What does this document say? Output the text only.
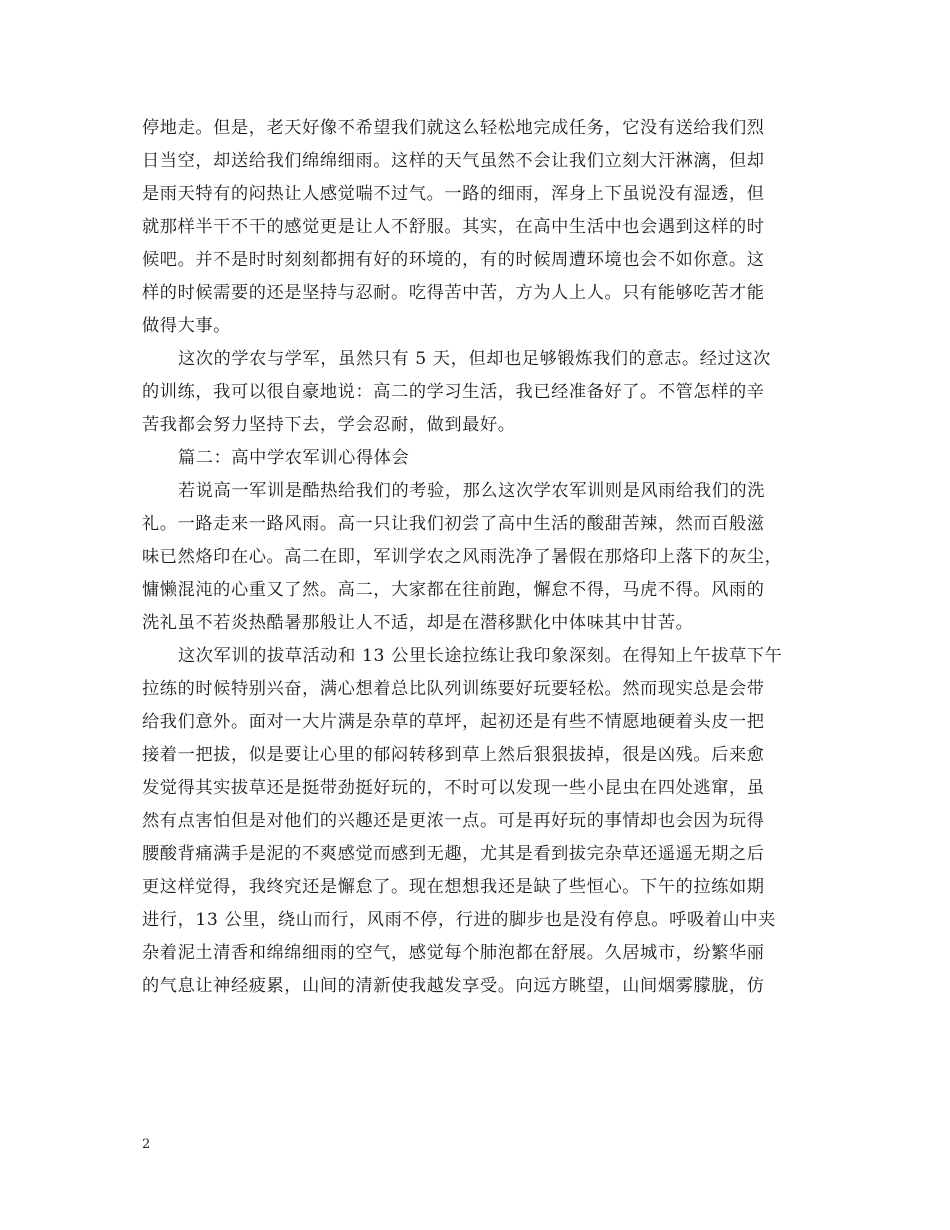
停地走。但是，老天好像不希望我们就这么轻松地完成任务，它没有送给我们烈
日当空，却送给我们绵绵细雨。这样的天气虽然不会让我们立刻大汗淋漓，但却
是雨天特有的闷热让人感觉喘不过气。一路的细雨，浑身上下虽说没有湿透，但
就那样半干不干的感觉更是让人不舒服。其实，在高中生活中也会遇到这样的时
候吧。并不是时时刻刻都拥有好的环境的，有的时候周遭环境也会不如你意。这
样的时候需要的还是坚持与忍耐。吃得苦中苦，方为人上人。只有能够吃苦才能
做得大事。
这次的学农与学军，虽然只有 5 天，但却也足够锻炼我们的意志。经过这次
的训练，我可以很自豪地说：高二的学习生活，我已经准备好了。不管怎样的辛
苦我都会努力坚持下去，学会忍耐，做到最好。
篇二：高中学农军训心得体会
若说高一军训是酷热给我们的考验，那么这次学农军训则是风雨给我们的洗
礼。一路走来一路风雨。高一只让我们初尝了高中生活的酸甜苦辣，然而百般滋
味已然烙印在心。高二在即，军训学农之风雨洗净了暑假在那烙印上落下的灰尘，
慵懒混沌的心重又了然。高二，大家都在往前跑，懈怠不得，马虎不得。风雨的
洗礼虽不若炎热酷暑那般让人不适，却是在潜移默化中体味其中甘苦。
这次军训的拔草活动和 13 公里长途拉练让我印象深刻。在得知上午拔草下午
拉练的时候特别兴奋，满心想着总比队列训练要好玩要轻松。然而现实总是会带
给我们意外。面对一大片满是杂草的草坪，起初还是有些不情愿地硬着头皮一把
接着一把拔，似是要让心里的郁闷转移到草上然后狠狠拔掉，很是凶残。后来愈
发觉得其实拔草还是挺带劲挺好玩的，不时可以发现一些小昆虫在四处逃窜，虽
然有点害怕但是对他们的兴趣还是更浓一点。可是再好玩的事情却也会因为玩得
腰酸背痛满手是泥的不爽感觉而感到无趣，尤其是看到拔完杂草还遥遥无期之后
更这样觉得，我终究还是懈怠了。现在想想我还是缺了些恒心。下午的拉练如期
进行，13 公里，绕山而行，风雨不停，行进的脚步也是没有停息。呼吸着山中夹
杂着泥土清香和绵绵细雨的空气，感觉每个肺泡都在舒展。久居城市，纷繁华丽
的气息让神经疲累，山间的清新使我越发享受。向远方眺望，山间烟雾朦胧，仿
2
